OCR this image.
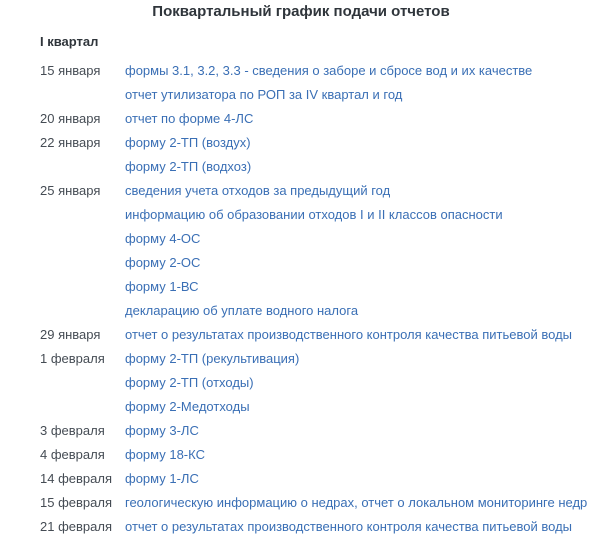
Поквартальный график подачи отчетов
I квартал
15 января формы 3.1, 3.2, 3.3 - сведения о заборе и сбросе вод и их качестве
отчет утилизатора по РОП за IV квартал и год
20 января отчет по форме 4-ЛС
22 января форму 2-ТП (воздух)
форму 2-ТП (водхоз)
25 января сведения учета отходов за предыдущий год
информацию об образовании отходов I и II классов опасности
форму 4-ОС
форму 2-ОС
форму 1-ВС
декларацию об уплате водного налога
29 января отчет о результатах производственного контроля качества питьевой воды
1 февраля форму 2-ТП (рекультивация)
форму 2-ТП (отходы)
форму 2-Медотходы
3 февраля форму 3-ЛС
4 февраля форму 18-КС
14 февраля форму 1-ЛС
15 февраля геологическую информацию о недрах, отчет о локальном мониторинге недр
21 февраля отчет о результатах производственного контроля качества питьевой воды
